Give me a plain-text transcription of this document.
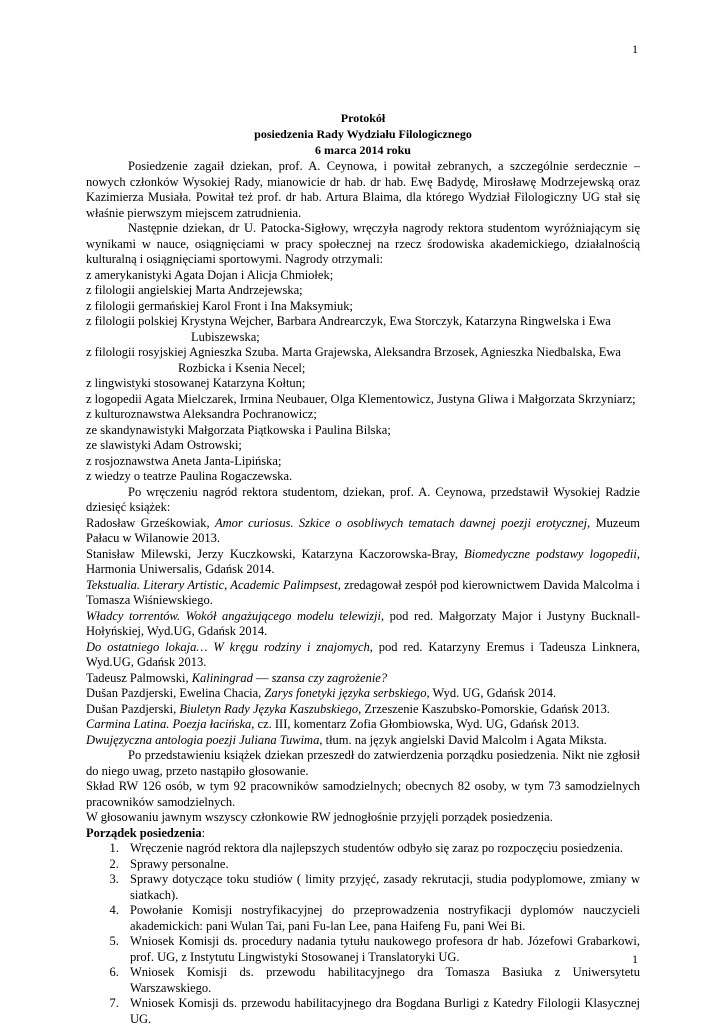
1
Protokół
posiedzenia Rady Wydziału Filologicznego
6 marca 2014 roku

Posiedzenie zagaił dziekan, prof. A. Ceynowa, i powitał zebranych, a szczególnie serdecznie – nowych członków Wysokiej Rady, mianowicie dr hab. dr hab. Ewę Badydę, Mirosławę Modrzejewską oraz Kazimierza Musiała. Powitał też prof. dr hab. Artura Blaima, dla którego Wydział Filologiczny UG stał się właśnie pierwszym miejscem zatrudnienia.

Następnie dziekan, dr U. Patocka-Sigłowy, wręczyła nagrody rektora studentom wyróżniającym się wynikami w nauce, osiągnięciami w pracy społecznej na rzecz środowiska akademickiego, działalnością kulturalną i osiągnięciami sportowymi. Nagrody otrzymali:

z amerykanistyki Agata Dojan i Alicja Chmiołek;

z filologii angielskiej Marta Andrzejewska;

z filologii germańskiej Karol Front i Ina Maksymiuk;

z filologii polskiej Krystyna Wejcher, Barbara Andrearczyk, Ewa Storczyk, Katarzyna Ringwelska i Ewa

Lubiszewska;

z filologii rosyjskiej Agnieszka Szuba. Marta Grajewska, Aleksandra Brzosek, Agnieszka Niedbalska, Ewa

Rozbicka i Ksenia Necel;

z lingwistyki stosowanej Katarzyna Kołtun;

z logopedii Agata Mielczarek, Irmina Neubauer, Olga Klementowicz, Justyna Gliwa i Małgorzata Skrzyniarz;

z kulturoznawstwa Aleksandra Pochranowicz;

ze skandynawistyki Małgorzata Piątkowska i Paulina Bilska;

ze slawistyki Adam Ostrowski;

z rosjoznawstwa Aneta Janta-Lipińska;

z wiedzy o teatrze Paulina Rogaczewska.

Po wręczeniu nagród rektora studentom, dziekan, prof. A. Ceynowa, przedstawił Wysokiej Radzie dziesięć książek:

Radosław Grześkowiak, Amor curiosus. Szkice o osobliwych tematach dawnej poezji erotycznej, Muzeum Pałacu w Wilanowie 2013.

Stanisław Milewski, Jerzy Kuczkowski, Katarzyna Kaczorowska-Bray, Biomedyczne podstawy logopedii, Harmonia Uniwersalis, Gdańsk 2014.

Tekstualia. Literary Artistic, Academic Palimpsest, zredagował zespół pod kierownictwem Davida Malcolma i Tomasza Wiśniewskiego.

Władcy torrentów. Wokół angażującego modelu telewizji, pod red. Małgorzaty Major i Justyny Bucknall-Hołyńskiej, Wyd.UG, Gdańsk 2014.

Do ostatniego lokaja… W kręgu rodziny i znajomych, pod red. Katarzyny Eremus i Tadeusza Linknera, Wyd.UG, Gdańsk 2013.

Tadeusz Palmowski, Kaliningrad ― szansa czy zagrożenie?

Dušan Pazdjerski, Ewelina Chacia, Zarys fonetyki języka serbskiego, Wyd. UG, Gdańsk 2014.

Dušan Pazdjerski, Biuletyn Rady Języka Kaszubskiego, Zrzeszenie Kaszubsko-Pomorskie, Gdańsk 2013.

Carmina Latina. Poezja łacińska, cz. III, komentarz Zofia Głombiowska, Wyd. UG, Gdańsk 2013.

Dwujęzyczna antologia poezji Juliana Tuwima, tłum. na język angielski David Malcolm i Agata Miksta.

Po przedstawieniu książek dziekan przeszedł do zatwierdzenia porządku posiedzenia. Nikt nie zgłosił do niego uwag, przeto nastąpiło głosowanie.

Skład RW 126 osób, w tym 92 pracowników samodzielnych; obecnych 82 osoby, w tym 73 samodzielnych pracowników samodzielnych.

W głosowaniu jawnym wszyscy członkowie RW jednogłośnie przyjęli porządek posiedzenia.

Porządek posiedzenia:

1. Wręczenie nagród rektora dla najlepszych studentów odbyło się zaraz po rozpoczęciu posiedzenia.
2. Sprawy personalne.
3. Sprawy dotyczące toku studiów ( limity przyjęć, zasady rekrutacji, studia podyplomowe, zmiany w siatkach).
4. Powołanie Komisji nostryfikacyjnej do przeprowadzenia nostryfikacji dyplomów nauczycieli akademickich: pani Wulan Tai, pani Fu-lan Lee, pana Haifeng Fu, pani Wei Bi.
5. Wniosek Komisji ds. procedury nadania tytułu naukowego profesora dr hab. Józefowi Grabarkowi, prof. UG, z Instytutu Lingwistyki Stosowanej i Translatoryki UG.
6. Wniosek Komisji ds. przewodu habilitacyjnego dra Tomasza Basiuka z Uniwersytetu Warszawskiego.
7. Wniosek Komisji ds. przewodu habilitacyjnego dra Bogdana Burligi z Katedry Filologii Klasycznej UG.
1
